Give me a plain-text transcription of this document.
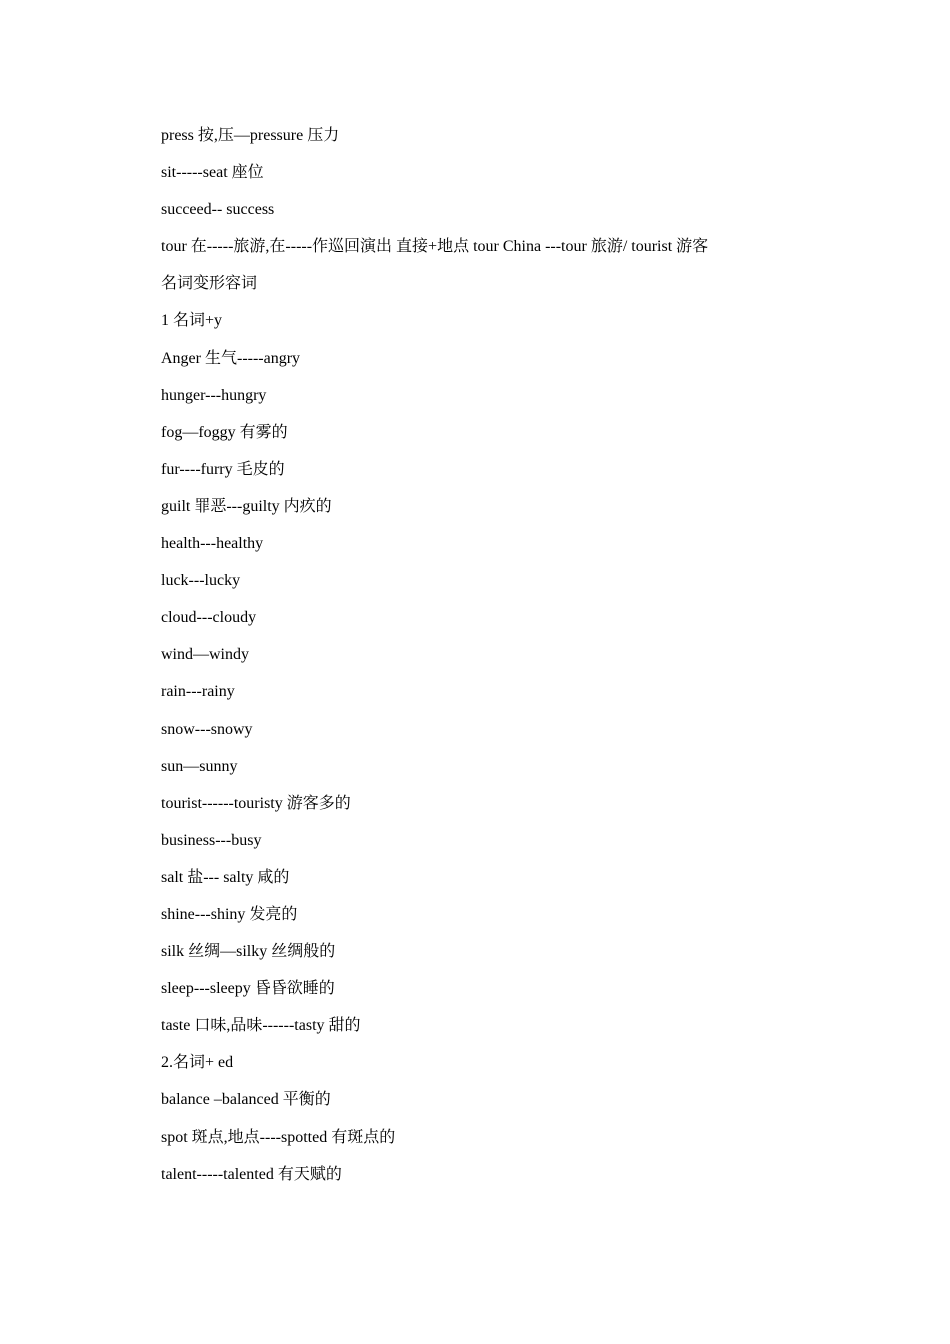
press 按,压—pressure 压力
sit-----seat 座位
succeed-- success
tour 在-----旅游,在-----作巡回演出 直接+地点 tour China ---tour 旅游/ tourist 游客
名词变形容词
1 名词+y
Anger 生气-----angry
hunger---hungry
fog—foggy 有雾的
fur----furry 毛皮的
guilt 罪恶---guilty 内疚的
health---healthy
luck---lucky
cloud---cloudy
wind—windy
rain---rainy
snow---snowy
sun—sunny
tourist------touristy 游客多的
business---busy
salt 盐--- salty 咸的
shine---shiny 发亮的
silk 丝绸—silky 丝绸般的
sleep---sleepy 昏昏欲睡的
taste 口味,品味------tasty 甜的
2.名词+ ed
balance –balanced 平衡的
spot 斑点,地点----spotted 有斑点的
talent-----talented 有天赋的
